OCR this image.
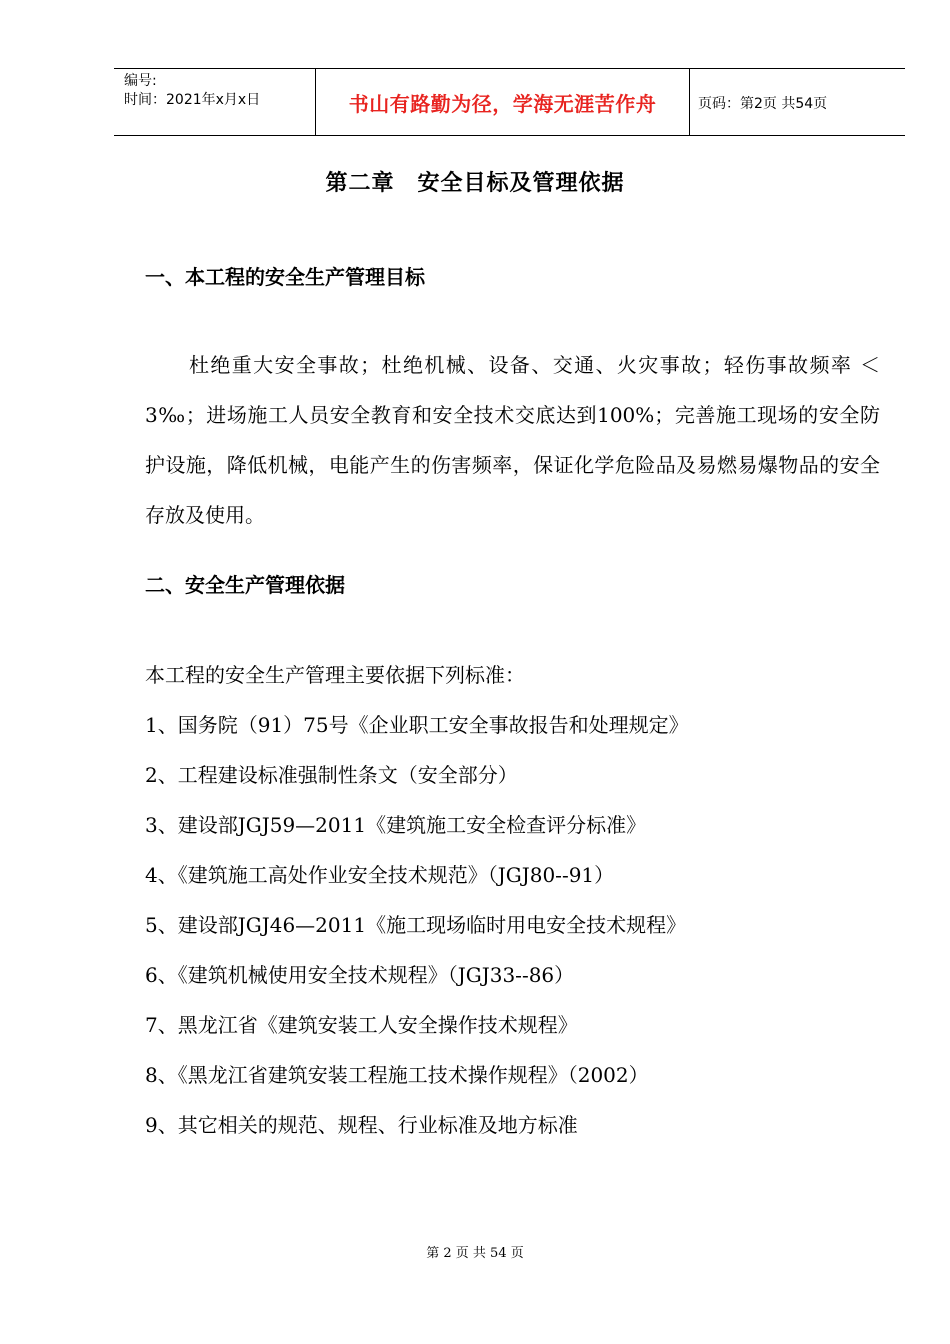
编号:
时间：2021年x月x日	书山有路勤为径，学海无涯苦作舟	页码：第2页 共54页
第二章　安全目标及管理依据
一、本工程的安全生产管理目标
杜绝重大安全事故；杜绝机械、设备、交通、火灾事故；轻伤事故频率 ＜3‰；进场施工人员安全教育和安全技术交底达到100%；完善施工现场的安全防护设施，降低机械，电能产生的伤害频率，保证化学危险品及易燃易爆物品的安全存放及使用。
二、安全生产管理依据
本工程的安全生产管理主要依据下列标准：
1、国务院（91）75号《企业职工安全事故报告和处理规定》
2、工程建设标准强制性条文（安全部分）
3、建设部JGJ59—2011《建筑施工安全检查评分标准》
4、《建筑施工高处作业安全技术规范》（JGJ80--91）
5、建设部JGJ46—2011《施工现场临时用电安全技术规程》
6、《建筑机械使用安全技术规程》（JGJ33--86）
7、黑龙江省《建筑安装工人安全操作技术规程》
8、《黑龙江省建筑安装工程施工技术操作规程》（2002）
9、其它相关的规范、规程、行业标准及地方标准
第 2 页 共 54 页
